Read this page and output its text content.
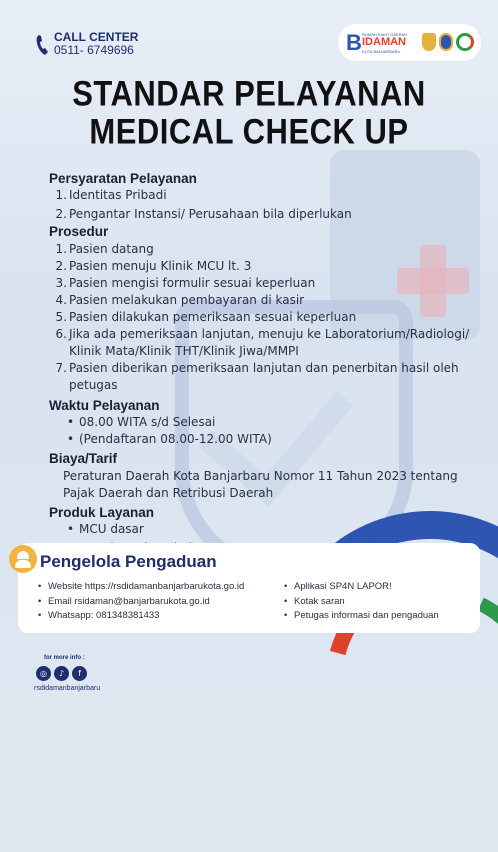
CALL CENTER
0511- 6749696	B RUMAH SAKIT DAERAH
IDAMAN
KOTA BANJARBARU
STANDAR PELAYANAN
MEDICAL CHECK UP
Persyaratan Pelayanan
1. Identitas Pribadi
2. Pengantar Instansi/ Perusahaan bila diperlukan
Prosedur
1. Pasien datang
2. Pasien menuju Klinik MCU lt. 3
3. Pasien mengisi formulir sesuai keperluan
4. Pasien melakukan pembayaran di kasir
5. Pasien dilakukan pemeriksaan sesuai keperluan
6. Jika ada pemeriksaan lanjutan, menuju ke Laboratorium/Radiologi/ Klinik Mata/Klinik THT/Klinik Jiwa/MMPI
7. Pasien diberikan pemeriksaan lanjutan dan penerbitan hasil oleh petugas
Waktu Pelayanan
• 08.00 WITA s/d Selesai
• (Pendaftaran 08.00-12.00 WITA)
Biaya/Tarif
Peraturan Daerah Kota Banjarbaru Nomor 11 Tahun 2023 tentang Pajak Daerah dan Retribusi Daerah
Produk Layanan
• MCU dasar
•
Pengelola Pengaduan
• Website https://rsdidamanbanjarbarukota.go.id
• Email rsidaman@banjarbarukota.go.id
• Whatsapp: 081348381433
• Aplikasi SP4N LAPOR!
• Kotak saran
• Petugas informasi dan pengaduan
for more info :
◎	♪	f
rsdidamanbanjarbaru
